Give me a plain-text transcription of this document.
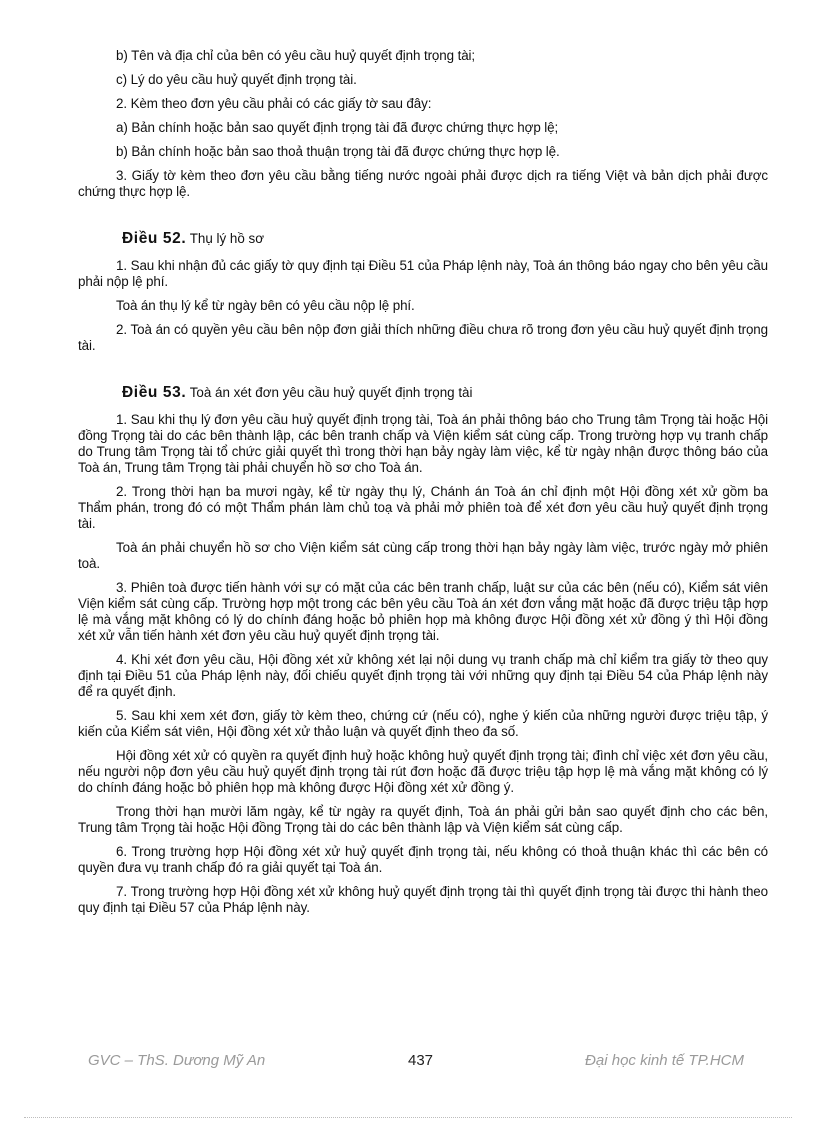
b) Tên và địa chỉ của bên có yêu cầu huỷ quyết định trọng tài;

c) Lý do yêu cầu huỷ quyết định trọng tài.

2. Kèm theo đơn yêu cầu phải có các giấy tờ sau đây:

a) Bản chính hoặc bản sao quyết định trọng tài đã được chứng thực hợp lệ;

b) Bản chính hoặc bản sao thoả thuận trọng tài đã được chứng thực hợp lệ.

3. Giấy tờ kèm theo đơn yêu cầu bằng tiếng nước ngoài phải được dịch ra tiếng Việt và bản dịch phải được chứng thực hợp lệ.

Điều 52. Thụ lý hồ sơ

1. Sau khi nhận đủ các giấy tờ quy định tại Điều 51 của Pháp lệnh này, Toà án thông báo ngay cho bên yêu cầu phải nộp lệ phí.

Toà án thụ lý kể từ ngày bên có yêu cầu nộp lệ phí.

2. Toà án có quyền yêu cầu bên nộp đơn giải thích những điều chưa rõ trong đơn yêu cầu huỷ quyết định trọng tài.

Điều 53. Toà án xét đơn yêu cầu huỷ quyết định trọng tài

1. Sau khi thụ lý đơn yêu cầu huỷ quyết định trọng tài, Toà án phải thông báo cho Trung tâm Trọng tài hoặc Hội đồng Trọng tài do các bên thành lập, các bên tranh chấp và Viện kiểm sát cùng cấp. Trong trường hợp vụ tranh chấp do Trung tâm Trọng tài tổ chức giải quyết thì trong thời hạn bảy ngày làm việc, kể từ ngày nhận được thông báo của Toà án, Trung tâm Trọng tài phải chuyển hồ sơ cho Toà án.

2. Trong thời hạn ba mươi ngày, kể từ ngày thụ lý, Chánh án Toà án chỉ định một Hội đồng xét xử gồm ba Thẩm phán, trong đó có một Thẩm phán làm chủ toạ và phải mở phiên toà để xét đơn yêu cầu huỷ quyết định trọng tài.

Toà án phải chuyển hồ sơ cho Viện kiểm sát cùng cấp trong thời hạn bảy ngày làm việc, trước ngày mở phiên toà.

3. Phiên toà được tiến hành với sự có mặt của các bên tranh chấp, luật sư của các bên (nếu có), Kiểm sát viên Viện kiểm sát cùng cấp. Trường hợp một trong các bên yêu cầu Toà án xét đơn vắng mặt hoặc đã được triệu tập hợp lệ mà vắng mặt không có lý do chính đáng hoặc bỏ phiên họp mà không được Hội đồng xét xử đồng ý thì Hội đồng xét xử vẫn tiến hành xét đơn yêu cầu huỷ quyết định trọng tài.

4. Khi xét đơn yêu cầu, Hội đồng xét xử không xét lại nội dung vụ tranh chấp mà chỉ kiểm tra giấy tờ theo quy định tại Điều 51 của Pháp lệnh này, đối chiếu quyết định trọng tài với những quy định tại Điều 54 của Pháp lệnh này để ra quyết định.

5. Sau khi xem xét đơn, giấy tờ kèm theo, chứng cứ (nếu có), nghe ý kiến của những người được triệu tập, ý kiến của Kiểm sát viên, Hội đồng xét xử thảo luận và quyết định theo đa số.

Hội đồng xét xử có quyền ra quyết định huỷ hoặc không huỷ quyết định trọng tài; đình chỉ việc xét đơn yêu cầu, nếu người nộp đơn yêu cầu huỷ quyết định trọng tài rút đơn hoặc đã được triệu tập hợp lệ mà vắng mặt không có lý do chính đáng hoặc bỏ phiên họp mà không được Hội đồng xét xử đồng ý.

Trong thời hạn mười lăm ngày, kể từ ngày ra quyết định, Toà án phải gửi bản sao quyết định cho các bên, Trung tâm Trọng tài hoặc Hội đồng Trọng tài do các bên thành lập và Viện kiểm sát cùng cấp.

6. Trong trường hợp Hội đồng xét xử huỷ quyết định trọng tài, nếu không có thoả thuận khác thì các bên có quyền đưa vụ tranh chấp đó ra giải quyết tại Toà án.

7. Trong trường hợp Hội đồng xét xử không huỷ quyết định trọng tài thì quyết định trọng tài được thi hành theo quy định tại Điều 57 của Pháp lệnh này.

GVC – ThS. Dương Mỹ An	437	Đại học kinh tế TP.HCM
